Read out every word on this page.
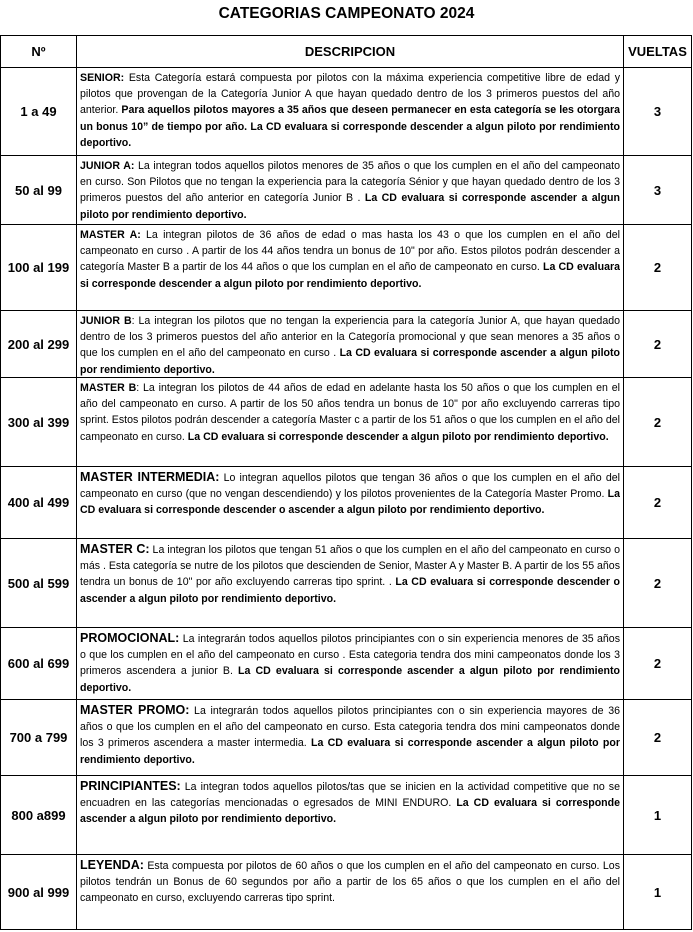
CATEGORIAS CAMPEONATO 2024
Nº	DESCRIPCION	VUELTAS
1 a 49	SENIOR: Esta Categoría estará compuesta por pilotos con la máxima experiencia competitive libre de edad y pilotos que provengan de la Categoría Junior A que hayan quedado dentro de los 3 primeros puestos del año anterior. Para aquellos pilotos mayores a 35 años que deseen permanecer en esta categoría se les otorgara un bonus 10” de tiempo por año. La CD evaluara si corresponde descender a algun piloto por rendimiento deportivo.	3
50 al 99	JUNIOR A: La integran todos aquellos pilotos menores de 35 años o que los cumplen en el año del campeonato en curso. Son Pilotos que no tengan la experiencia para la categoría Sénior y que hayan quedado dentro de los 3 primeros puestos del año anterior en categoría Junior B . La CD evaluara si corresponde ascender a algun piloto por rendimiento deportivo.	3
100 al 199	MASTER A: La integran pilotos de 36 años de edad o mas hasta los 43 o que los cumplen en el año del campeonato en curso . A partir de los 44 años tendra un bonus de 10" por año. Estos pilotos podrán descender a categoría Master B a partir de los 44 años o que los cumplan en el año de campeonato en curso. La CD evaluara si corresponde descender a algun piloto por rendimiento deportivo.	2
200 al 299	JUNIOR B: La integran los pilotos que no tengan la experiencia para la categoría Junior A, que hayan quedado dentro de los 3 primeros puestos del año anterior en la Categoría promocional y que sean menores a 35 años o que los cumplen en el año del campeonato en curso . La CD evaluara si corresponde ascender a algun piloto por rendimiento deportivo.	2
300 al 399	MASTER B: La integran los pilotos de 44 años de edad en adelante hasta los 50 años o que los cumplen en el año del campeonato en curso. A partir de los 50 años tendra un bonus de 10" por año excluyendo carreras tipo sprint. Estos pilotos podrán descender a categoría Master c a partir de los 51 años o que los cumplen en el año del campeonato en curso. La CD evaluara si corresponde descender a algun piloto por rendimiento deportivo.	2
400 al 499	MASTER INTERMEDIA: Lo integran aquellos pilotos que tengan 36 años o que los cumplen en el año del campeonato en curso (que no vengan descendiendo) y los pilotos provenientes de la Categoría Master Promo. La CD evaluara si corresponde descender o ascender a algun piloto por rendimiento deportivo.	2
500 al 599	MASTER C: La integran los pilotos que tengan 51 años o que los cumplen en el año del campeonato en curso o más . Esta categoría se nutre de los pilotos que descienden de Senior, Master A y Master B. A partir de los 55 años tendra un bonus de 10" por año excluyendo carreras tipo sprint. . La CD evaluara si corresponde descender o ascender a algun piloto por rendimiento deportivo.	2
600 al 699	PROMOCIONAL: La integrarán todos aquellos pilotos principiantes con o sin experiencia menores de 35 años o que los cumplen en el año del campeonato en curso . Esta categoria tendra dos mini campeonatos donde los 3 primeros ascendera a junior B. La CD evaluara si corresponde ascender a algun piloto por rendimiento deportivo.	2
700 a 799	MASTER PROMO: La integrarán todos aquellos pilotos principiantes con o sin experiencia mayores de 36 años o que los cumplen en el año del campeonato en curso. Esta categoria tendra dos mini campeonatos donde los 3 primeros ascendera a master intermedia. La CD evaluara si corresponde ascender a algun piloto por rendimiento deportivo.	2
800 a899	PRINCIPIANTES: La integran todos aquellos pilotos/tas que se inicien en la actividad competitive que no se encuadren en las categorías mencionadas o egresados de MINI ENDURO. La CD evaluara si corresponde ascender a algun piloto por rendimiento deportivo.	1
900 al 999	LEYENDA: Esta compuesta por pilotos de 60 años o que los cumplen en el año del campeonato en curso. Los pilotos tendrán un Bonus de 60 segundos por año a partir de los 65 años o que los cumplen en el año del campeonato en curso, excluyendo carreras tipo sprint.	1
